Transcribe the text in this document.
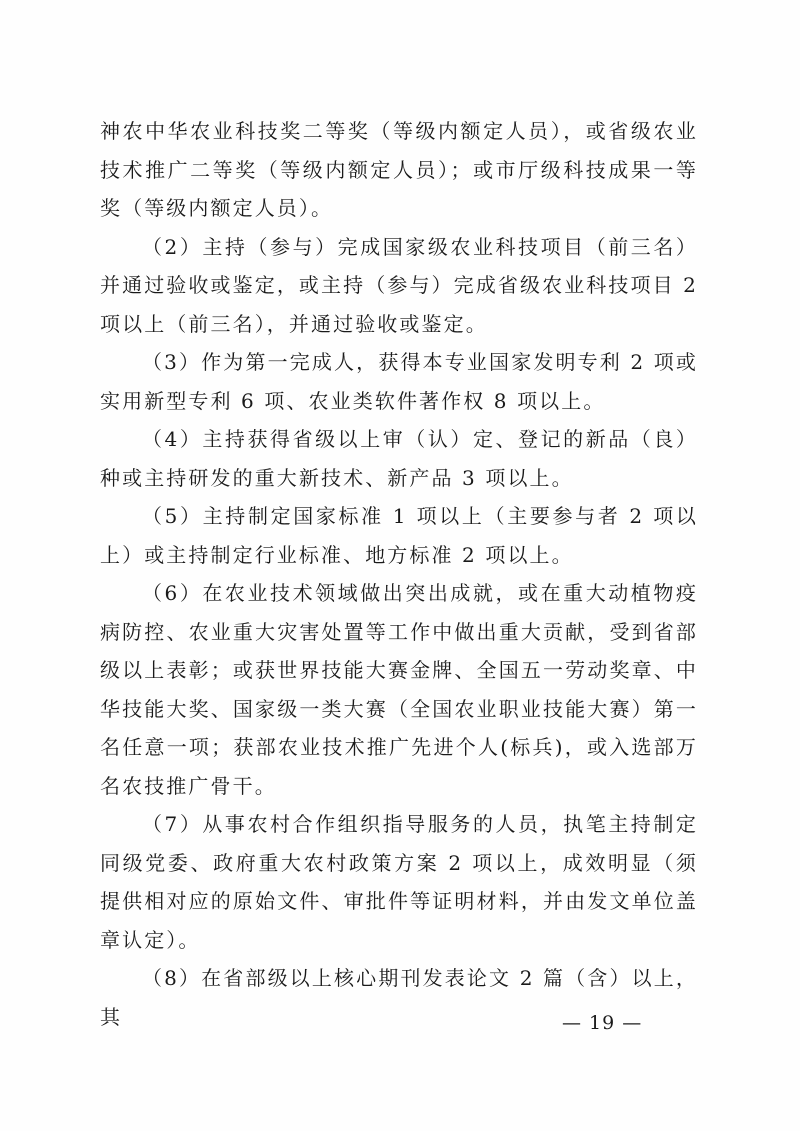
神农中华农业科技奖二等奖（等级内额定人员），或省级农业技术推广二等奖（等级内额定人员）；或市厅级科技成果一等奖（等级内额定人员）。

（2）主持（参与）完成国家级农业科技项目（前三名）并通过验收或鉴定，或主持（参与）完成省级农业科技项目 2 项以上（前三名），并通过验收或鉴定。

（3）作为第一完成人，获得本专业国家发明专利 2 项或实用新型专利 6 项、农业类软件著作权 8 项以上。

（4）主持获得省级以上审（认）定、登记的新品（良）种或主持研发的重大新技术、新产品 3 项以上。

（5）主持制定国家标准 1 项以上（主要参与者 2 项以上）或主持制定行业标准、地方标准 2 项以上。

（6）在农业技术领域做出突出成就，或在重大动植物疫病防控、农业重大灾害处置等工作中做出重大贡献，受到省部级以上表彰；或获世界技能大赛金牌、全国五一劳动奖章、中华技能大奖、国家级一类大赛（全国农业职业技能大赛）第一名任意一项；获部农业技术推广先进个人(标兵)，或入选部万名农技推广骨干。

（7）从事农村合作组织指导服务的人员，执笔主持制定同级党委、政府重大农村政策方案 2 项以上，成效明显（须提供相对应的原始文件、审批件等证明材料，并由发文单位盖章认定）。

（8）在省部级以上核心期刊发表论文 2 篇（含）以上，其	— 19 —
